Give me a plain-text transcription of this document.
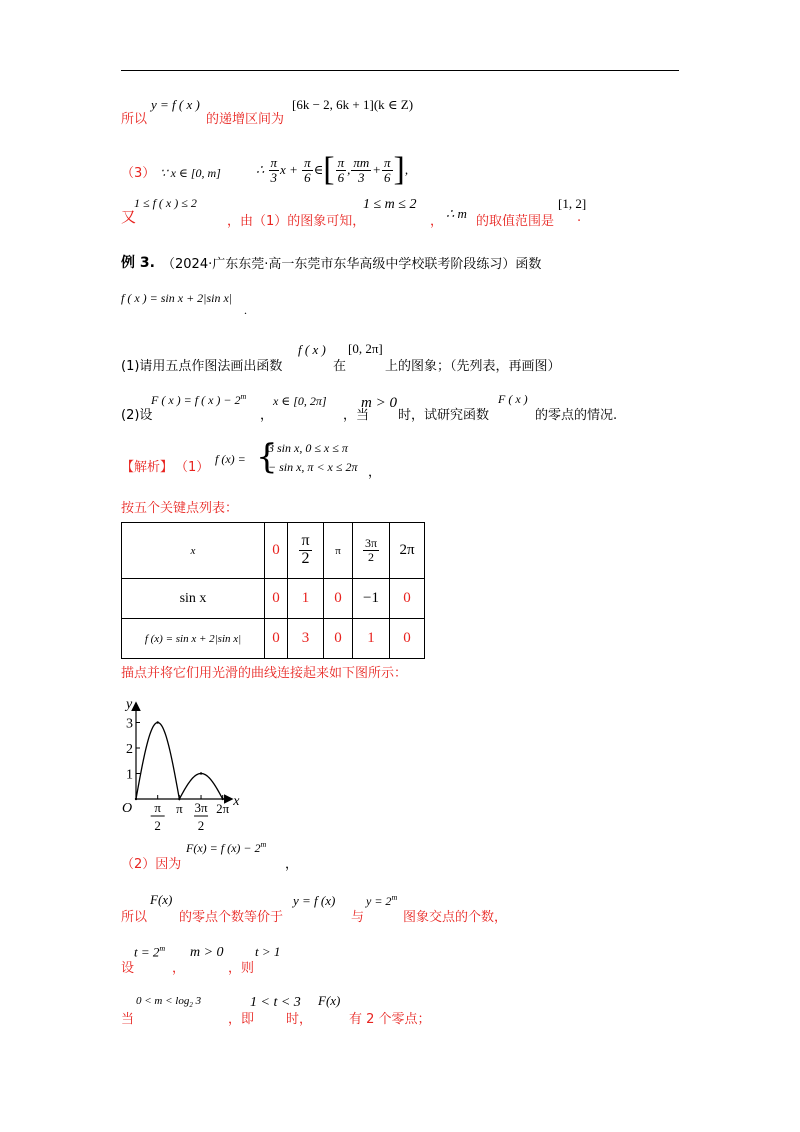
所以
y = f ( x )
的递增区间为
[6k − 2, 6k + 1](k ∈ Z)
（3） ∵ x ∈ [0, m]	∴
$\frac{\pi}{3}$ x
+
$\frac{\pi}{6}$ ∈ [ $\frac{\pi}{6}$ , $\frac{\pi m}{3} + \frac{\pi}{6}$ ] ,
又
1 ≤ f ( x ) ≤ 2
，由（1）的图象可知，
1 ≤ m ≤ 2
，
∴ m
的取值范围是
[1, 2]
.
例 3. （2024·广东东莞·高一东莞市东华高级中学校联考阶段练习）函数
f ( x ) = sin x + 2|sin x|
.
(1)请用五点作图法画出函数
f ( x )
在
[0, 2π]
上的图象；（先列表，再画图）
(2)设
F ( x ) = f ( x ) − $2^m$
，
x ∈ [0, 2π]
，当
m > 0
时，试研究函数
F ( x )
的零点的情况.
【解析】 （1）
f (x) = {
3 sin x, 0 ≤ x ≤ π
− sin x, π < x ≤ 2π ，
按五个关键点列表：
x	0	$\frac{\pi}{2}$	π	$\frac{3\pi}{2}$	2π
sin x	0	1	0	−1	0
f (x) = sin x + 2|sin x|	0	3	0	1	0
描点并将它们用光滑的曲线连接起来如下图所示：
1
2
3
π
2
π 3π
2
2π
O	x
y
（2）因为
F(x) = f $(x) - 2^m$
，
所以
F(x)
的零点个数等价于
y = f (x)
与
$y = 2^m$
图象交点的个数，
设
$t = 2^m$
，
m > 0
，则
t > 1
当
$0 < m < \log_2 3$
，即
1 < t < 3
时，
F(x)
有 2 个零点；
